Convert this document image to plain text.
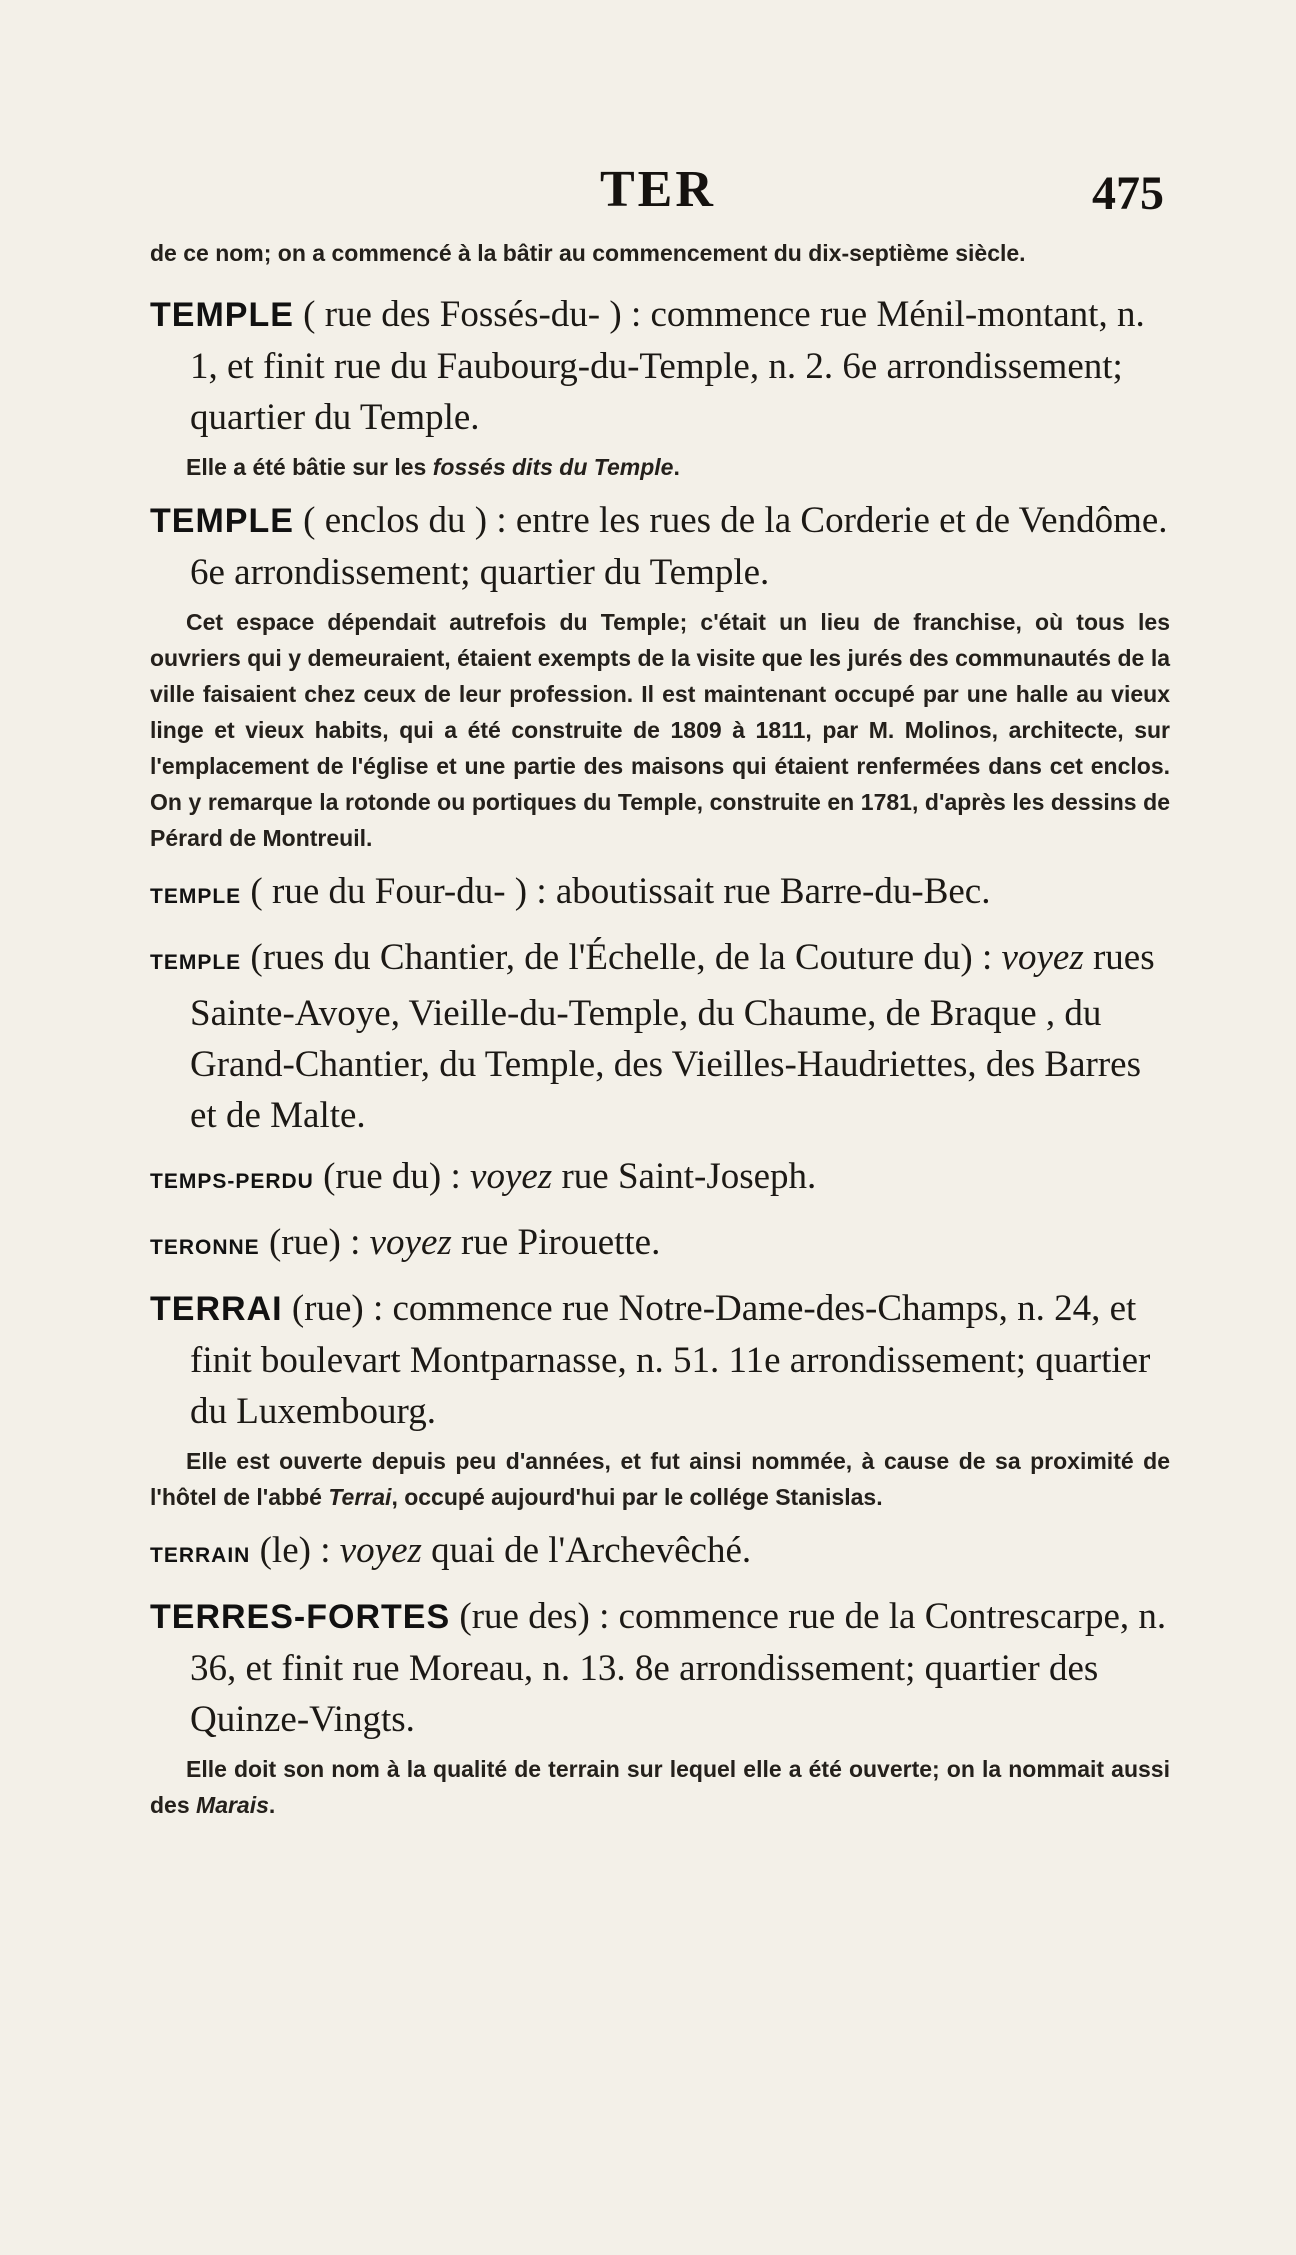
TER	475

de ce nom; on a commencé à la bâtir au commencement du dix-septième siècle.

TEMPLE ( rue des Fossés-du- ) : commence rue Ménil-montant, n. 1, et finit rue du Faubourg-du-Temple, n. 2. 6e arrondissement; quartier du Temple.

Elle a été bâtie sur les fossés dits du Temple.

TEMPLE ( enclos du ) : entre les rues de la Corderie et de Vendôme. 6e arrondissement; quartier du Temple.

Cet espace dépendait autrefois du Temple; c'était un lieu de franchise, où tous les ouvriers qui y demeuraient, étaient exempts de la visite que les jurés des communautés de la ville faisaient chez ceux de leur profession. Il est maintenant occupé par une halle au vieux linge et vieux habits, qui a été construite de 1809 à 1811, par M. Molinos, architecte, sur l'emplacement de l'église et une partie des maisons qui étaient renfermées dans cet enclos. On y remarque la rotonde ou portiques du Temple, construite en 1781, d'après les dessins de Pérard de Montreuil.

TEMPLE ( rue du Four-du- ) : aboutissait rue Barre-du-Bec.
TEMPLE (rues du Chantier, de l'Échelle, de la Couture du) : voyez rues Sainte-Avoye, Vieille-du-Temple, du Chaume, de Braque , du Grand-Chantier, du Temple, des Vieilles-Haudriettes, des Barres et de Malte.
TEMPS-PERDU (rue du) : voyez rue Saint-Joseph.
TERONNE (rue) : voyez rue Pirouette.
TERRAI (rue) : commence rue Notre-Dame-des-Champs, n. 24, et finit boulevart Montparnasse, n. 51. 11e arrondissement; quartier du Luxembourg.

Elle est ouverte depuis peu d'années, et fut ainsi nommée, à cause de sa proximité de l'hôtel de l'abbé Terrai, occupé aujourd'hui par le collége Stanislas.

TERRAIN (le) : voyez quai de l'Archevêché.
TERRES-FORTES (rue des) : commence rue de la Contrescarpe, n. 36, et finit rue Moreau, n. 13. 8e arrondissement; quartier des Quinze-Vingts.

Elle doit son nom à la qualité de terrain sur lequel elle a été ouverte; on la nommait aussi des Marais.
